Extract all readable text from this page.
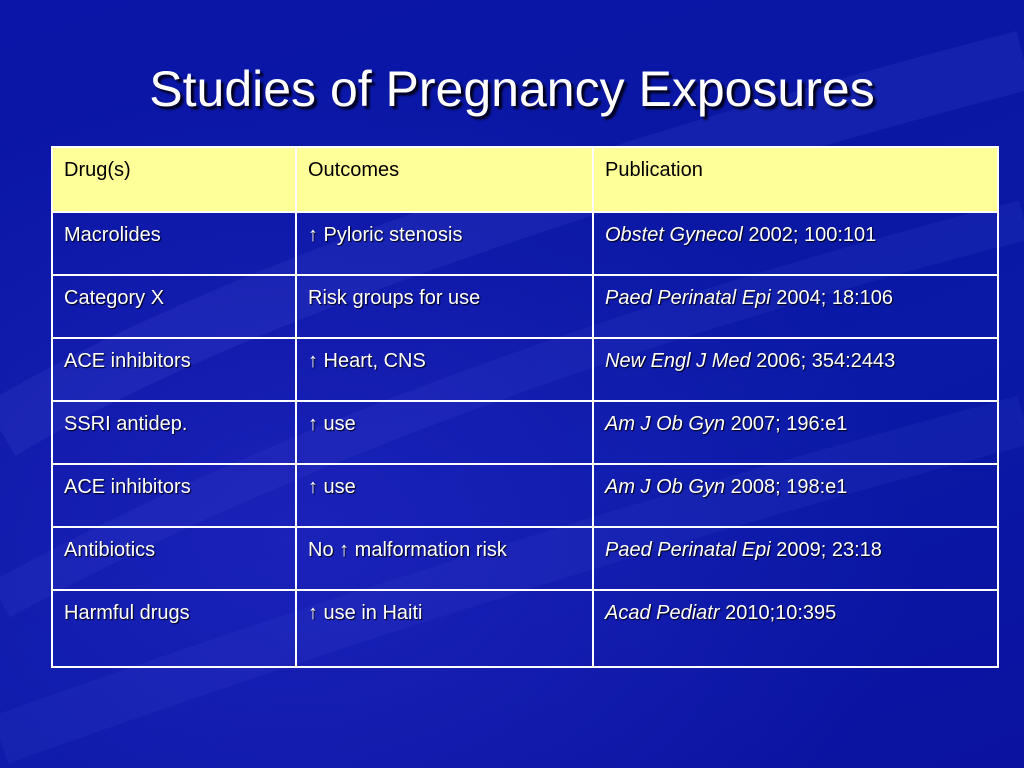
Studies of Pregnancy Exposures
Drug(s)	Outcomes	Publication
Macrolides	↑ Pyloric stenosis	Obstet Gynecol 2002; 100:101
Category X	Risk groups for use	Paed Perinatal Epi 2004; 18:106
ACE inhibitors	↑ Heart, CNS	New Engl J Med 2006; 354:2443
SSRI antidep.	↑ use	Am J Ob Gyn 2007; 196:e1
ACE inhibitors	↑ use	Am J Ob Gyn 2008; 198:e1
Antibiotics	No ↑ malformation risk	Paed Perinatal Epi 2009; 23:18
Harmful drugs	↑ use in Haiti	Acad Pediatr 2010;10:395
